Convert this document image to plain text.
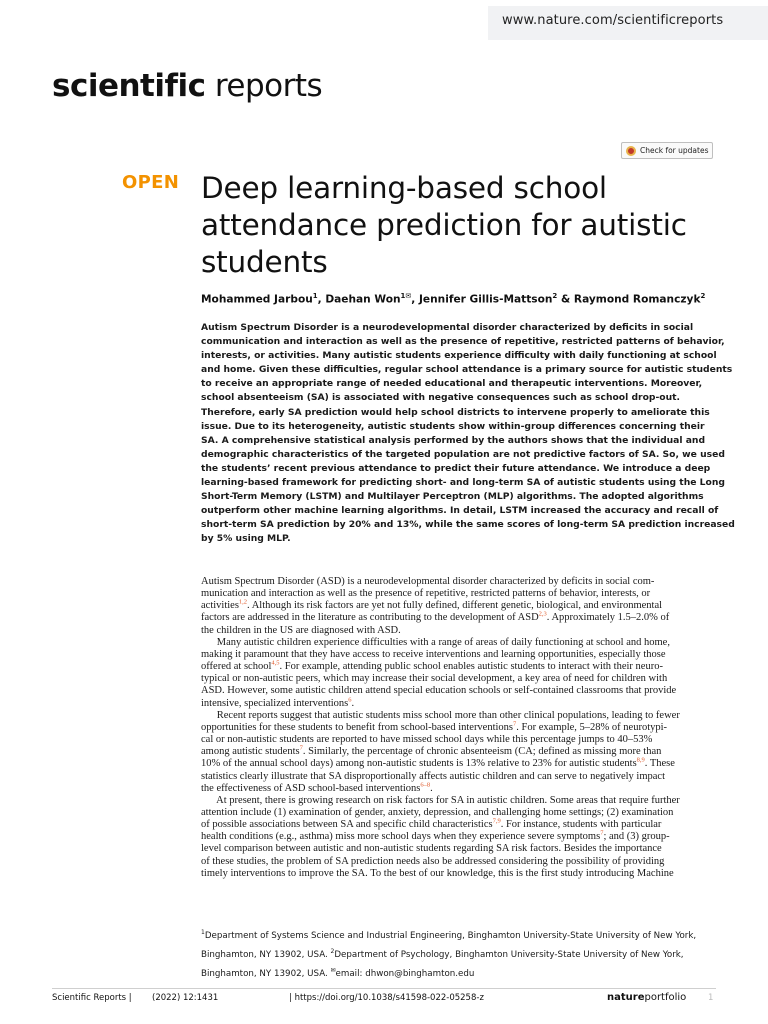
www.nature.com/scientificreports
scientific reports
Check for updates
OPEN Deep learning-based school
attendance prediction for autistic
students
Mohammed Jarbou$^1$, Daehan Won$^{1✉}$, Jennifer Gillis-Mattson$^2$ & Raymond Romanczyk$^2$
Autism Spectrum Disorder is a neurodevelopmental disorder characterized by deficits in social
communication and interaction as well as the presence of repetitive, restricted patterns of behavior,
interests, or activities. Many autistic students experience difficulty with daily functioning at school
and home. Given these difficulties, regular school attendance is a primary source for autistic students
to receive an appropriate range of needed educational and therapeutic interventions. Moreover,
school absenteeism (SA) is associated with negative consequences such as school drop-out.
Therefore, early SA prediction would help school districts to intervene properly to ameliorate this
issue. Due to its heterogeneity, autistic students show within-group differences concerning their
SA. A comprehensive statistical analysis performed by the authors shows that the individual and
demographic characteristics of the targeted population are not predictive factors of SA. So, we used
the students’ recent previous attendance to predict their future attendance. We introduce a deep
learning-based framework for predicting short- and long-term SA of autistic students using the Long
Short-Term Memory (LSTM) and Multilayer Perceptron (MLP) algorithms. The adopted algorithms
outperform other machine learning algorithms. In detail, LSTM increased the accuracy and recall of
short-term SA prediction by 20% and 13%, while the same scores of long-term SA prediction increased
by 5% using MLP.
Autism Spectrum Disorder (ASD) is a neurodevelopmental disorder characterized by deficits in social com-
munication and interaction as well as the presence of repetitive, restricted patterns of behavior, interests, or
activities$^{1,2}$. Although its risk factors are yet not fully defined, different genetic, biological, and environmental
factors are addressed in the literature as contributing to the development of ASD$^{2,3}$. Approximately 1.5–2.0% of
the children in the US are diagnosed with ASD.
Many autistic children experience difficulties with a range of areas of daily functioning at school and home,
making it paramount that they have access to receive interventions and learning opportunities, especially those
offered at school$^{4,5}$. For example, attending public school enables autistic students to interact with their neuro-
typical or non-autistic peers, which may increase their social development, a key area of need for children with
ASD. However, some autistic children attend special education schools or self-contained classrooms that provide
intensive, specialized interventions$^6$.
Recent reports suggest that autistic students miss school more than other clinical populations, leading to fewer
opportunities for these students to benefit from school-based interventions$^7$. For example, 5–28% of neurotypi-
cal or non-autistic students are reported to have missed school days while this percentage jumps to 40–53%
among autistic students$^7$. Similarly, the percentage of chronic absenteeism (CA; defined as missing more than
10% of the annual school days) among non-autistic students is 13% relative to 23% for autistic students$^{8,9}$. These
statistics clearly illustrate that SA disproportionally affects autistic children and can serve to negatively impact
the effectiveness of ASD school-based interventions$^{6-8}$.
At present, there is growing research on risk factors for SA in autistic children. Some areas that require further
attention include (1) examination of gender, anxiety, depression, and challenging home settings; (2) examination
of possible associations between SA and specific child characteristics$^{7,9}$. For instance, students with particular
health conditions (e.g., asthma) miss more school days when they experience severe symptoms$^7$; and (3) group-
level comparison between autistic and non-autistic students regarding SA risk factors. Besides the importance
of these studies, the problem of SA prediction needs also be addressed considering the possibility of providing
timely interventions to improve the SA. To the best of our knowledge, this is the first study introducing Machine
$^1$Department of Systems Science and Industrial Engineering, Binghamton University-State University of New York,
Binghamton, NY 13902, USA. $^2$Department of Psychology, Binghamton University-State University of New York,
Binghamton, NY 13902, USA. ✉email: dhwon@binghamton.edu
Scientific Reports | (2022) 12:1431	| https://doi.org/10.1038/s41598-022-05258-z	natureportfolio	1
